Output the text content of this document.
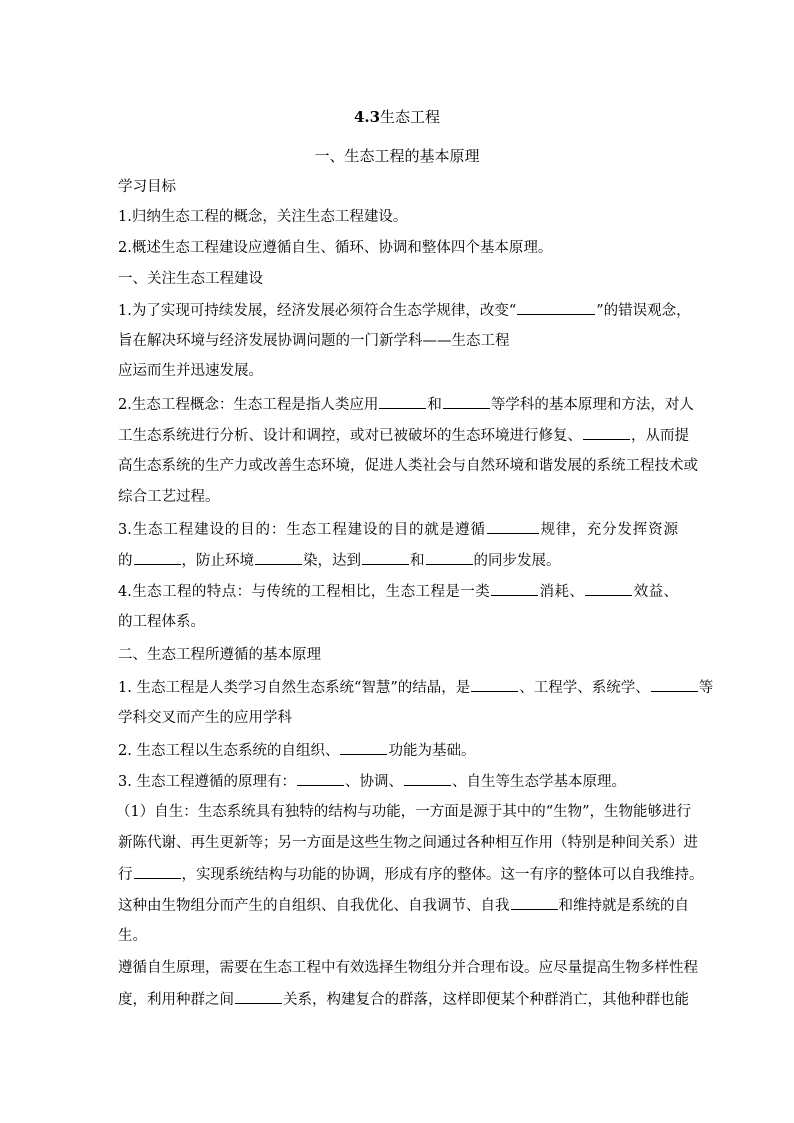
4.3生态工程
一、生态工程的基本原理
学习目标
1.归纳生态工程的概念，关注生态工程建设。
2.概述生态工程建设应遵循自生、循环、协调和整体四个基本原理。
一、关注生态工程建设
1.为了实现可持续发展，经济发展必须符合生态学规律，改变“	”的错误观念，
旨在解决环境与经济发展协调问题的一门新学科——生态工程
应运而生并迅速发展。
2.生态工程概念：生态工程是指人类应用	和	等学科的基本原理和方法，对人
工生态系统进行分析、设计和调控，或对已被破坏的生态环境进行修复、	，从而提
高生态系统的生产力或改善生态环境，促进人类社会与自然环境和谐发展的系统工程技术或
综合工艺过程。
3.生态工程建设的目的：生态工程建设的目的就是遵循	规律，充分发挥资源
的	，防止环境	染，达到	和	的同步发展。
4.生态工程的特点：与传统的工程相比，生态工程是一类	消耗、	效益、
的工程体系。
二、生态工程所遵循的基本原理
1. 生态工程是人类学习自然生态系统“智慧”的结晶，是	、工程学、系统学、	等
学科交叉而产生的应用学科
2. 生态工程以生态系统的自组织、	功能为基础。
3. 生态工程遵循的原理有：	、协调、	、自生等生态学基本原理。
（1）自生：生态系统具有独特的结构与功能，一方面是源于其中的“生物”，生物能够进行
新陈代谢、再生更新等；另一方面是这些生物之间通过各种相互作用（特别是种间关系）进
行	，实现系统结构与功能的协调，形成有序的整体。这一有序的整体可以自我维持。
这种由生物组分而产生的自组织、自我优化、自我调节、自我	和维持就是系统的自
生。
遵循自生原理，需要在生态工程中有效选择生物组分并合理布设。应尽量提高生物多样性程
度，利用种群之间	关系，构建复合的群落，这样即便某个种群消亡，其他种群也能
